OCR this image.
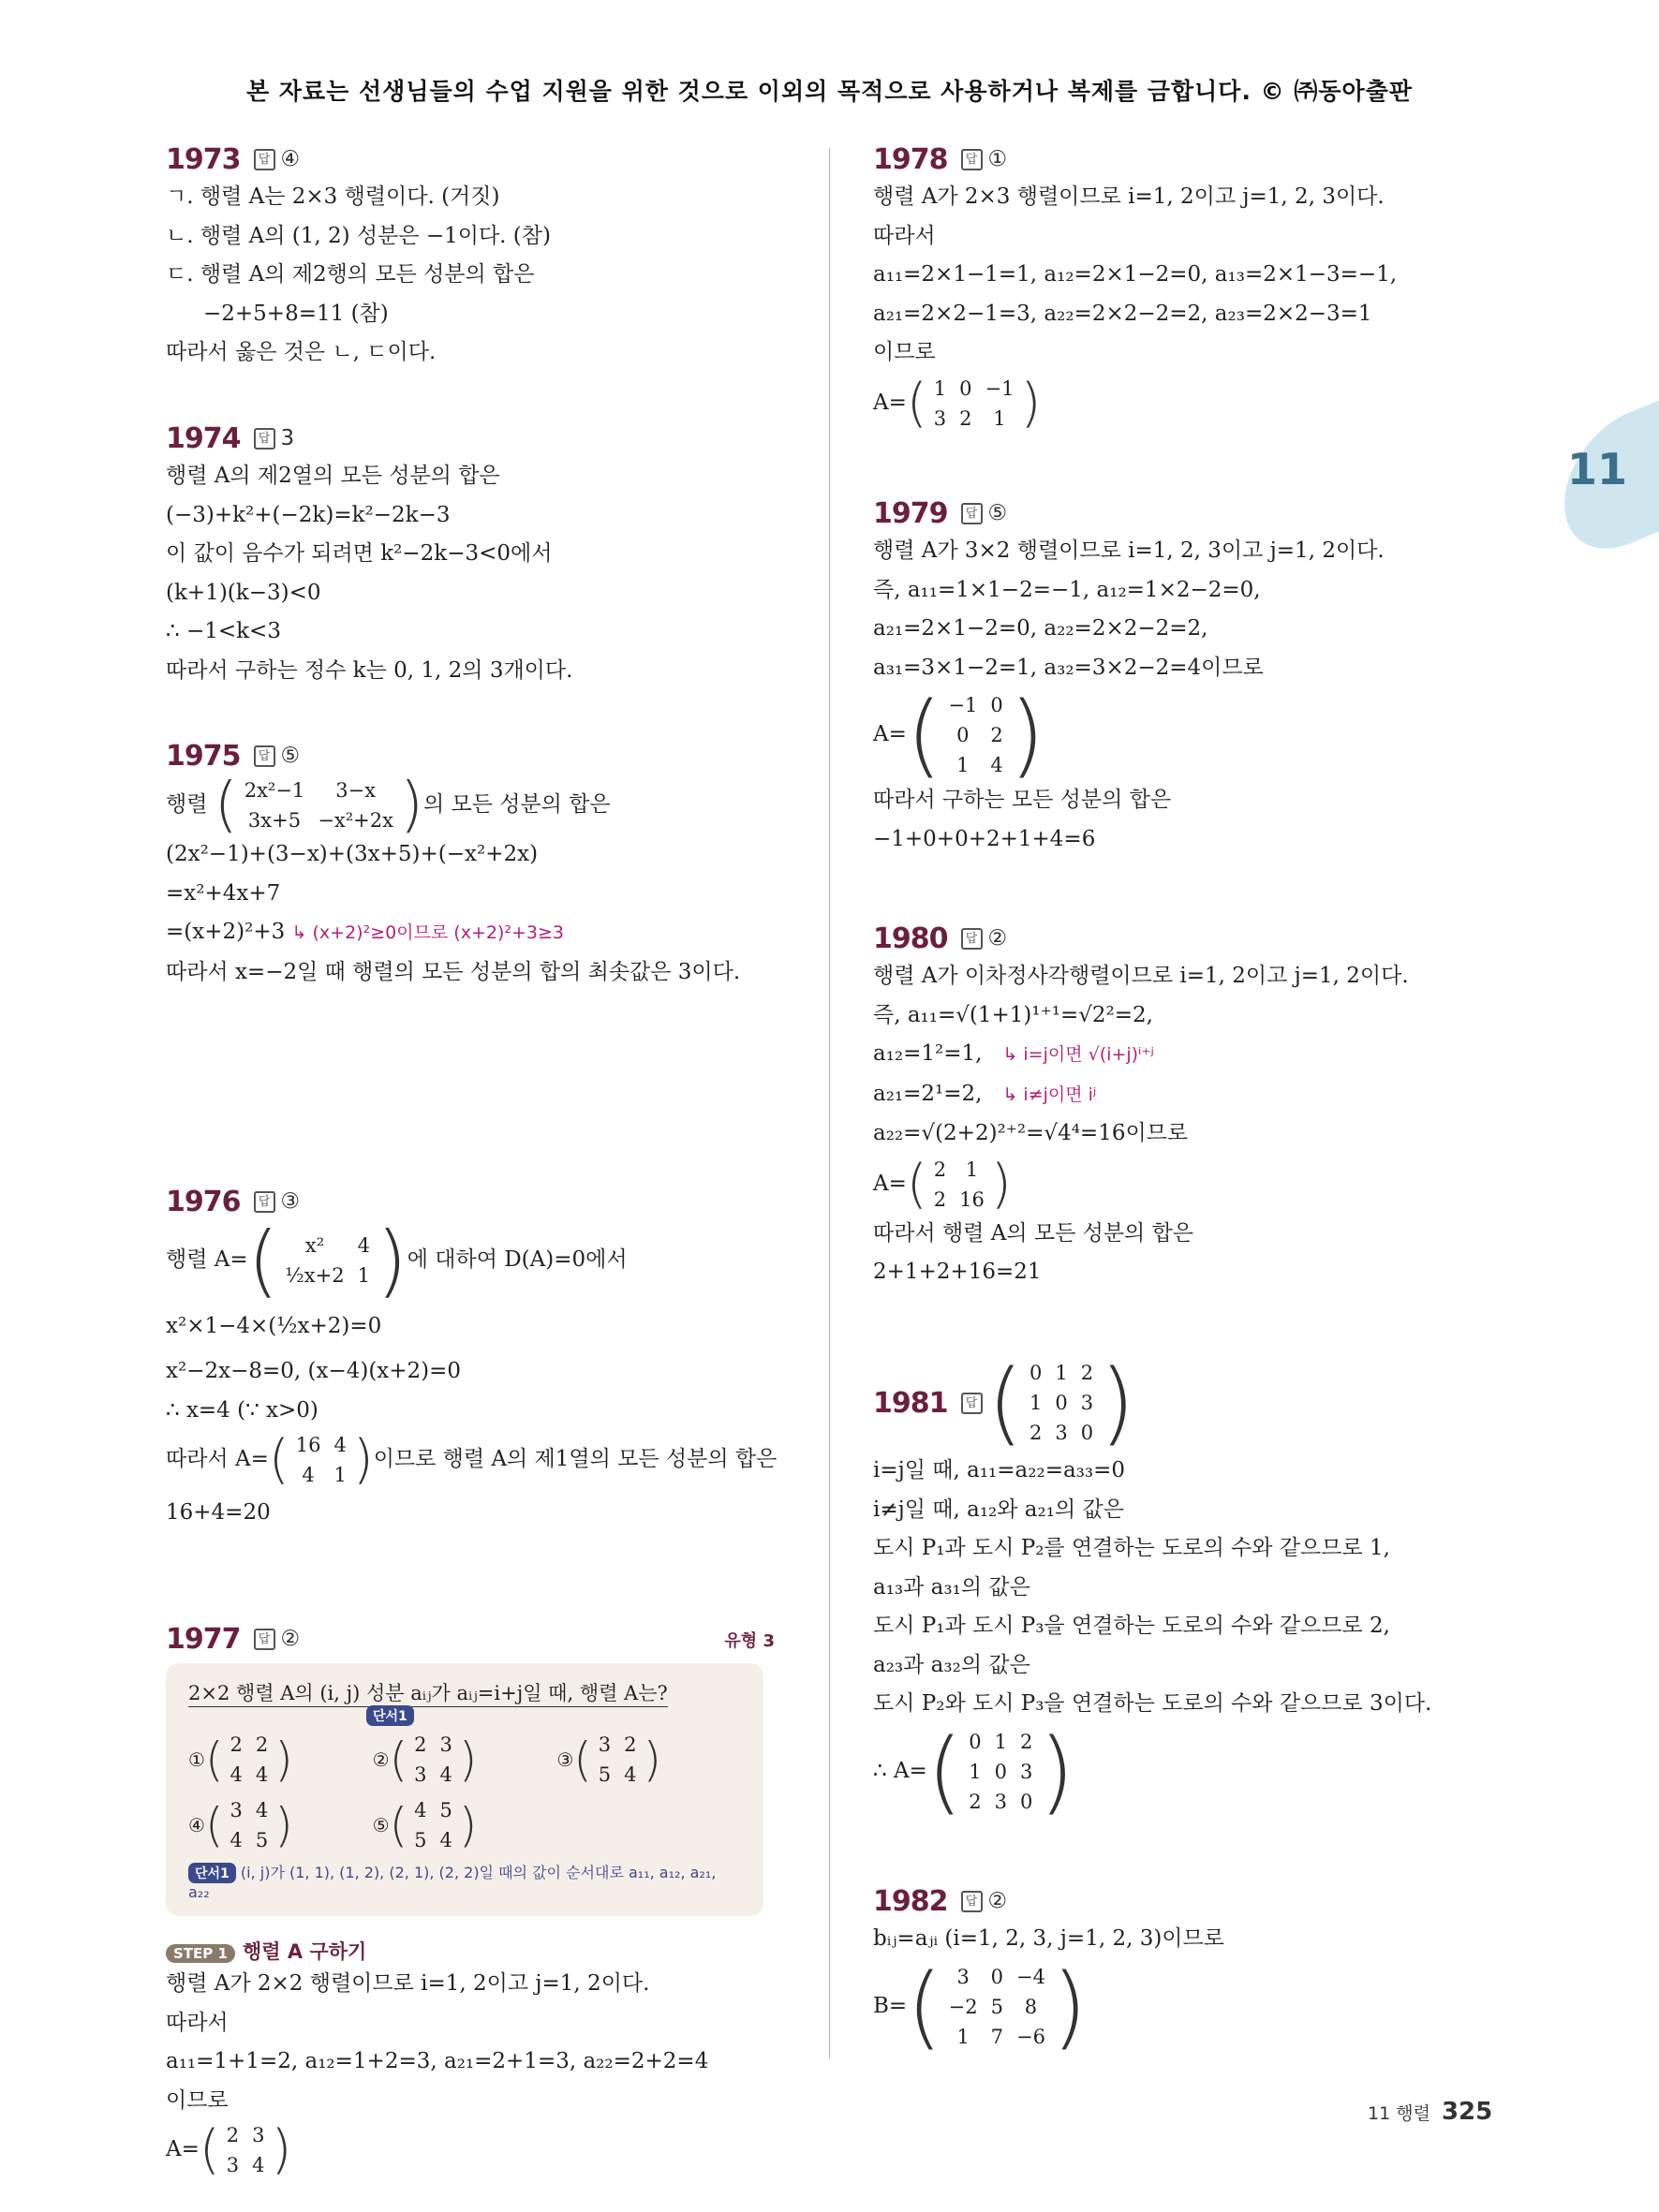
본 자료는 선생님들의 수업 지원을 위한 것으로 이외의 목적으로 사용하거나 복제를 금합니다. © ㈜동아출판
11
1973	답 ④
ㄱ. 행렬 A는 2×3 행렬이다. (거짓)
ㄴ. 행렬 A의 (1, 2) 성분은 −1이다. (참)
ㄷ. 행렬 A의 제2행의 모든 성분의 합은
−2+5+8=11 (참)
따라서 옳은 것은 ㄴ, ㄷ이다.
1974	답 3
행렬 A의 제2열의 모든 성분의 합은
(−3)+k²+(−2k)=k²−2k−3
이 값이 음수가 되려면 k²−2k−3<0에서
(k+1)(k−3)<0
∴ −1<k<3
따라서 구하는 정수 k는 0, 1, 2의 3개이다.
1975	답 ⑤
행렬 ( 2x²−1	3−x
3x+5	−x²+2x ) 의 모든 성분의 합은
(2x²−1)+(3−x)+(3x+5)+(−x²+2x)
=x²+4x+7
=(x+2)²+3 ↳ (x+2)²≥0이므로 (x+2)²+3≥3
따라서 x=−2일 때 행렬의 모든 성분의 합의 최솟값은 3이다.
1976	답 ③
행렬 A= ( x²	4
½x+2	1 ) 에 대하여 D(A)=0에서
x²×1−4×(½x+2)=0
x²−2x−8=0, (x−4)(x+2)=0
∴ x=4 (∵ x>0)
따라서 A= ( 16	4
4	1 ) 이므로 행렬 A의 제1열의 모든 성분의 합은
16+4=20
1977	답 ②	유형 3
2×2 행렬 A의 (i, j) 성분 aᵢⱼ가 aᵢⱼ=i+j일 때, 행렬 A는?
단서1
① ( 2	2
4	4 )	② ( 2	3
3	4 )	③ ( 3	2
5	4 )
④ ( 3	4
4	5 )	⑤ ( 4	5
5	4 )
단서1 (i, j)가 (1, 1), (1, 2), (2, 1), (2, 2)일 때의 값이 순서대로 a₁₁, a₁₂, a₂₁, a₂₂
STEP 1 행렬 A 구하기
행렬 A가 2×2 행렬이므로 i=1, 2이고 j=1, 2이다.
따라서
a₁₁=1+1=2, a₁₂=1+2=3, a₂₁=2+1=3, a₂₂=2+2=4
이므로
A= ( 2	3
3	4 )
1978	답 ①
행렬 A가 2×3 행렬이므로 i=1, 2이고 j=1, 2, 3이다.
따라서
a₁₁=2×1−1=1, a₁₂=2×1−2=0, a₁₃=2×1−3=−1,
a₂₁=2×2−1=3, a₂₂=2×2−2=2, a₂₃=2×2−3=1
이므로
A= ( 1	0	−1
3	2	1 )
1979	답 ⑤
행렬 A가 3×2 행렬이므로 i=1, 2, 3이고 j=1, 2이다.
즉, a₁₁=1×1−2=−1, a₁₂=1×2−2=0,
a₂₁=2×1−2=0, a₂₂=2×2−2=2,
a₃₁=3×1−2=1, a₃₂=3×2−2=4이므로
A= ( −1	0
0	2
1	4 )
따라서 구하는 모든 성분의 합은
−1+0+0+2+1+4=6
1980	답 ②
행렬 A가 이차정사각행렬이므로 i=1, 2이고 j=1, 2이다.
즉, a₁₁=√(1+1)¹⁺¹=√2²=2,
a₁₂=1²=1, ↳ i=j이면 √(i+j)ⁱ⁺ʲ
a₂₁=2¹=2, ↳ i≠j이면 iʲ
a₂₂=√(2+2)²⁺²=√4⁴=16이므로
A= ( 2	1
2	16 )
따라서 행렬 A의 모든 성분의 합은
2+1+2+16=21
1981	답 ( 0	1	2
1	0	3
2	3	0 )
i=j일 때, a₁₁=a₂₂=a₃₃=0
i≠j일 때, a₁₂와 a₂₁의 값은
도시 P₁과 도시 P₂를 연결하는 도로의 수와 같으므로 1,
a₁₃과 a₃₁의 값은
도시 P₁과 도시 P₃을 연결하는 도로의 수와 같으므로 2,
a₂₃과 a₃₂의 값은
도시 P₂와 도시 P₃을 연결하는 도로의 수와 같으므로 3이다.
∴ A= ( 0	1	2
1	0	3
2	3	0 )
1982	답 ②
bᵢⱼ=aⱼᵢ (i=1, 2, 3, j=1, 2, 3)이므로
B= ( 3	0	−4
−2	5	8
1	7	−6 )
11 행렬 325
